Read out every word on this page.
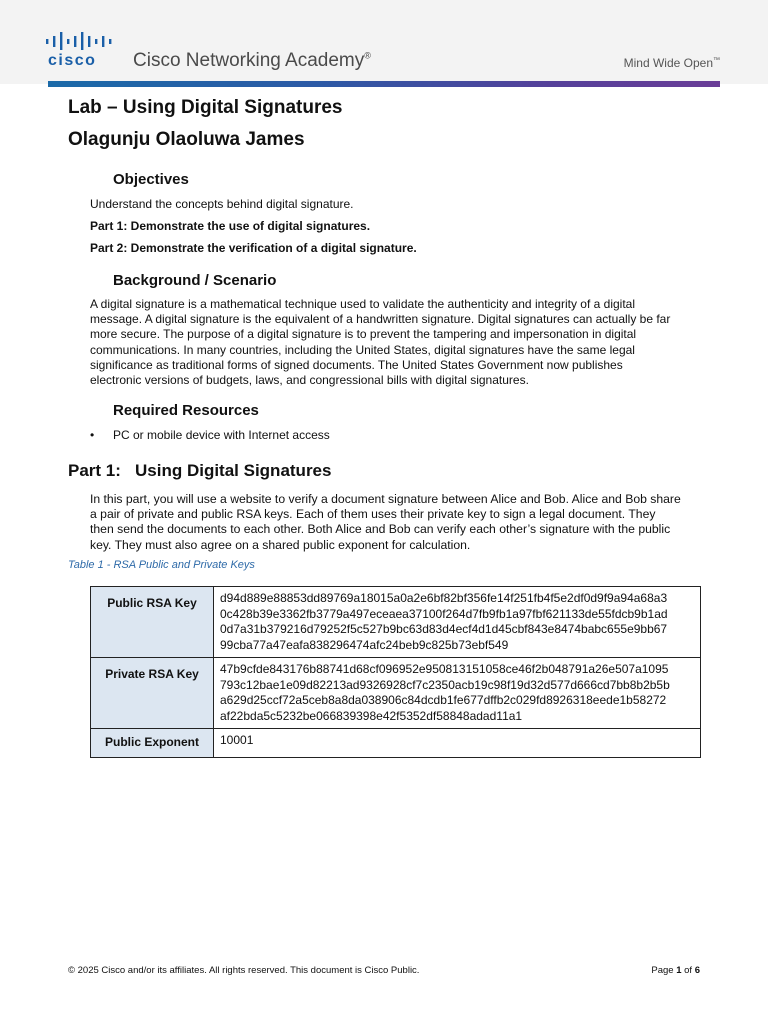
cisco Cisco Networking Academy®
Mind Wide Open™
Lab – Using Digital Signatures
Olagunju Olaoluwa James
Objectives
Understand the concepts behind digital signature.
Part 1: Demonstrate the use of digital signatures.
Part 2: Demonstrate the verification of a digital signature.
Background / Scenario
A digital signature is a mathematical technique used to validate the authenticity and integrity of a digital
message. A digital signature is the equivalent of a handwritten signature. Digital signatures can actually be far
more secure. The purpose of a digital signature is to prevent the tampering and impersonation in digital
communications. In many countries, including the United States, digital signatures have the same legal
significance as traditional forms of signed documents. The United States Government now publishes
electronic versions of budgets, laws, and congressional bills with digital signatures.
Required Resources
• PC or mobile device with Internet access
Part 1: Using Digital Signatures
In this part, you will use a website to verify a document signature between Alice and Bob. Alice and Bob share
a pair of private and public RSA keys. Each of them uses their private key to sign a legal document. They
then send the documents to each other. Both Alice and Bob can verify each other’s signature with the public
key. They must also agree on a shared public exponent for calculation.
Table 1 - RSA Public and Private Keys
Public RSA Key	d94d889e88853dd89769a18015a0a2e6bf82bf356fe14f251fb4f5e2df0d9f9a94a68a3
0c428b39e3362fb3779a497eceaea37100f264d7fb9fb1a97fbf621133de55fdcb9b1ad
0d7a31b379216d79252f5c527b9bc63d83d4ecf4d1d45cbf843e8474babc655e9bb67
99cba77a47eafa838296474afc24beb9c825b73ebf549

Private RSA Key	47b9cfde843176b88741d68cf096952e950813151058ce46f2b048791a26e507a1095
793c12bae1e09d82213ad9326928cf7c2350acb19c98f19d32d577d666cd7bb8b2b5b
a629d25ccf72a5ceb8a8da038906c84dcdb1fe677dffb2c029fd8926318eede1b58272
af22bda5c5232be066839398e42f5352df58848adad11a1

Public Exponent	10001
© 2025 Cisco and/or its affiliates. All rights reserved. This document is Cisco Public.	Page 1 of 6
